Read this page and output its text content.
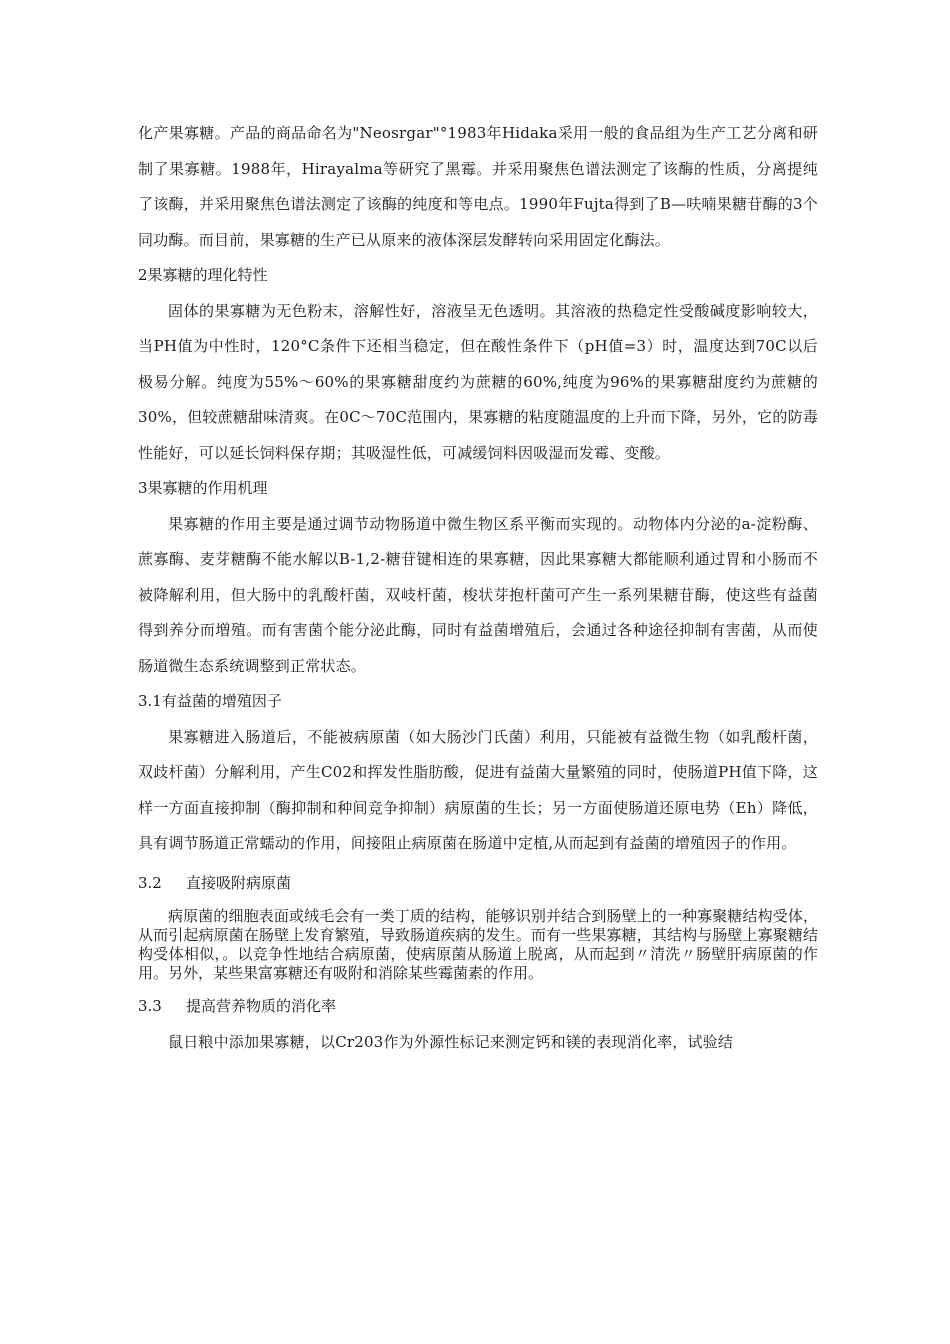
化产果寡糖。产品的商品命名为"Neosrgar"°1983年Hidaka采用一般的食品组为生产工艺分离和研制了果寡糖。1988年，Hirayalma等研究了黑霉。并采用聚焦色谱法测定了该酶的性质，分离提纯了该酶，并采用聚焦色谱法测定了该酶的纯度和等电点。1990年Fujta得到了B—呋喃果糖苷酶的3个同功酶。而目前，果寡糖的生产已从原来的液体深层发酵转向采用固定化酶法。

2果寡糖的理化特性

固体的果寡糖为无色粉末，溶解性好，溶液呈无色透明。其溶液的热稳定性受酸碱度影响较大，当PH值为中性时，120°C条件下还相当稳定，但在酸性条件下（pH值=3）时，温度达到70C以后极易分解。纯度为55%〜60%的果寡糖甜度约为蔗糖的60%,纯度为96%的果寡糖甜度约为蔗糖的30%，但较蔗糖甜味清爽。在0C〜70C范围内，果寡糖的粘度随温度的上升而下降，另外，它的防毒性能好，可以延长饲料保存期；其吸湿性低，可减缓饲料因吸湿而发霉、变酸。

3果寡糖的作用机理

果寡糖的作用主要是通过调节动物肠道中微生物区系平衡而实现的。动物体内分泌的a-淀粉酶、蔗寡酶、麦芽糖酶不能水解以B-1,2-糖苷键相连的果寡糖，因此果寡糖大都能顺利通过胃和小肠而不被降解利用，但大肠中的乳酸杆菌，双岐杆菌，梭状芽抱杆菌可产生一系列果糖苷酶，使这些有益菌得到养分而増殖。而有害菌个能分泌此酶，同时有益菌增殖后，会通过各种途径抑制有害菌，从而使肠道微生态系统调整到正常状态。

3.1有益菌的增殖因子

果寡糖进入肠道后，不能被病原菌（如大肠沙门氏菌）利用，只能被有益微生物（如乳酸杆菌，双歧杆菌）分解利用，产生C02和挥发性脂肪酸，促进有益菌大量繁殖的同时，使肠道PH值下降，这样一方面直接抑制（酶抑制和种间竞争抑制）病原菌的生长；另一方面使肠道还原电势（Eh）降低，具有调节肠道正常蠕动的作用，间接阻止病原菌在肠道中定植,从而起到有益菌的增殖因子的作用。

3.2 直接吸附病原菌

病原菌的细胞表面或绒毛会有一类丁质的结构，能够识别并结合到肠壁上的一种寡聚糖结构受体，从而引起病原菌在肠壁上发育繁殖，导致肠道疾病的发生。而有一些果寡糖，其结构与肠壁上寡聚糖结构受体相似，。以竞争性地结合病原菌，使病原菌从肠道上脱离，从而起到〃清洗〃肠壁肝病原菌的作用。另外，某些果富寡糖还有吸附和消除某些霉菌素的作用。

3.3 提高营养物质的消化率

鼠日粮中添加果寡糖，以Cr203作为外源性标记来测定钙和镁的表现消化率，试验结
